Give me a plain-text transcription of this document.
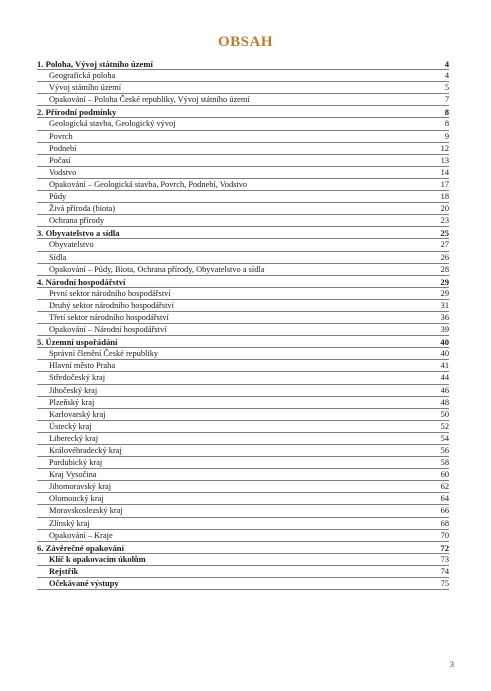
OBSAH
1. Poloha, Vývoj státního území	4
Geografická poloha	4
Vývoj státního území	5
Opakování – Poloha České republiky, Vývoj státního území	7
2. Přírodní podmínky	8
Geologická stavba, Geologický vývoj	8
Povrch	9
Podnebí	12
Počasí	13
Vodstvo	14
Opakování – Geologická stavba, Povrch, Podnebí, Vodstvo	17
Půdy	18
Živá příroda (biota)	20
Ochrana přírody	23
3. Obyvatelstvo a sídla	25
Obyvatelstvo	27
Sídla	26
Opakování – Půdy, Biota, Ochrana přírody, Obyvatelstvo a sídla	28
4. Národní hospodářství	29
První sektor národního hospodářství	29
Druhý sektor národního hospodářství	31
Třetí sektor národního hospodářství	36
Opakování – Národní hospodářství	39
5. Územní uspořádání	40
Správní členění České republiky	40
Hlavní město Praha	41
Středočeský kraj	44
Jihočeský kraj	46
Plzeňský kraj	48
Karlovarský kraj	50
Ústecký kraj	52
Liberecký kraj	54
Královéhradecký kraj	56
Pardubický kraj	58
Kraj Vysočina	60
Jihomoravský kraj	62
Olomoucký kraj	64
Moravskoslezský kraj	66
Zlínský kraj	68
Opakování – Kraje	70
6. Závěrečné opakování	72
Klíč k opakovacím úkolům	73
Rejstřík	74
Očekávané výstupy	75
3
